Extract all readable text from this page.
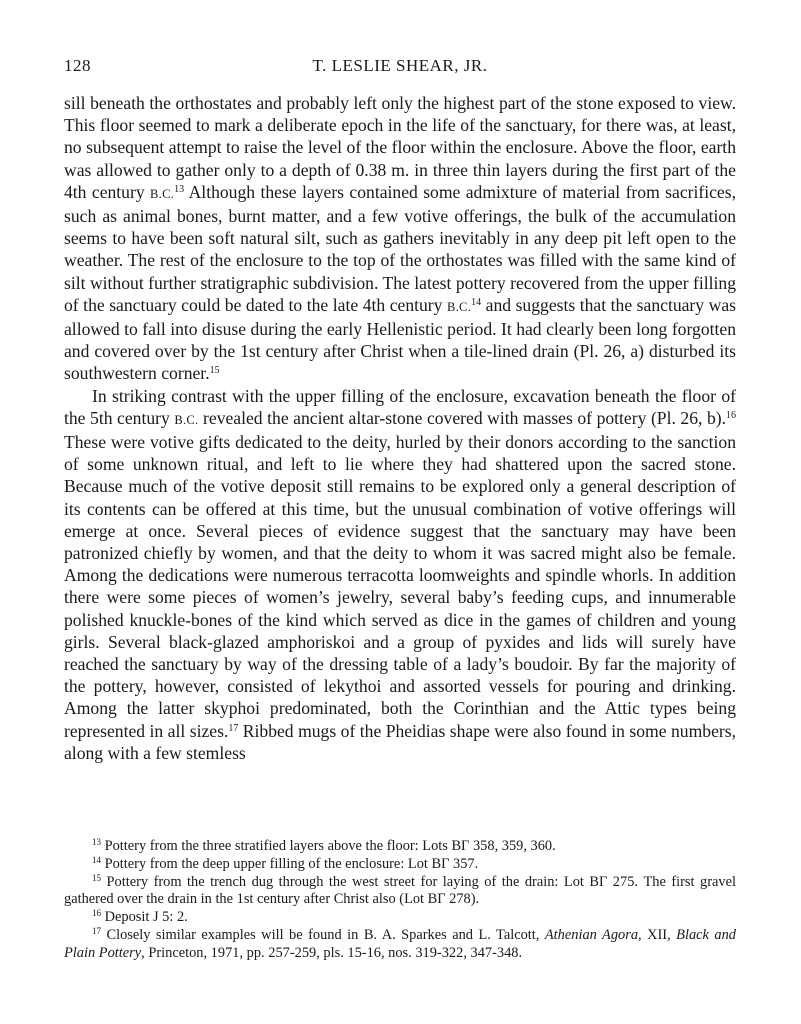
128	T. LESLIE SHEAR, JR.

sill beneath the orthostates and probably left only the highest part of the stone exposed to view. This floor seemed to mark a deliberate epoch in the life of the sanctuary, for there was, at least, no subsequent attempt to raise the level of the floor within the enclosure. Above the floor, earth was allowed to gather only to a depth of 0.38 m. in three thin layers during the first part of the 4th century B.C.$^{13}$ Although these layers contained some admixture of material from sacrifices, such as animal bones, burnt matter, and a few votive offerings, the bulk of the accumulation seems to have been soft natural silt, such as gathers inevitably in any deep pit left open to the weather. The rest of the enclosure to the top of the orthostates was filled with the same kind of silt without further stratigraphic subdivision. The latest pottery recovered from the upper filling of the sanctuary could be dated to the late 4th century B.C.$^{14}$ and suggests that the sanctuary was allowed to fall into disuse during the early Hellenistic period. It had clearly been long forgotten and covered over by the 1st century after Christ when a tile-lined drain (Pl. 26, a) disturbed its southwestern corner.$^{15}$

In striking contrast with the upper filling of the enclosure, excavation beneath the floor of the 5th century B.C. revealed the ancient altar-stone covered with masses of pottery (Pl. 26, b).$^{16}$ These were votive gifts dedicated to the deity, hurled by their donors according to the sanction of some unknown ritual, and left to lie where they had shattered upon the sacred stone. Because much of the votive deposit still remains to be explored only a general description of its contents can be offered at this time, but the unusual combination of votive offerings will emerge at once. Several pieces of evidence suggest that the sanctuary may have been patronized chiefly by women, and that the deity to whom it was sacred might also be female. Among the dedications were numerous terracotta loomweights and spindle whorls. In addition there were some pieces of women’s jewelry, several baby’s feeding cups, and innumerable polished knuckle-bones of the kind which served as dice in the games of children and young girls. Several black-glazed amphoriskoi and a group of pyxides and lids will surely have reached the sanctuary by way of the dressing table of a lady’s boudoir. By far the majority of the pottery, however, consisted of lekythoi and assorted vessels for pouring and drinking. Among the latter skyphoi predominated, both the Corinthian and the Attic types being represented in all sizes.$^{17}$ Ribbed mugs of the Pheidias shape were also found in some numbers, along with a few stemless

$^{13}$ Pottery from the three stratified layers above the floor: Lots ΒΓ 358, 359, 360.

$^{14}$ Pottery from the deep upper filling of the enclosure: Lot ΒΓ 357.

$^{15}$ Pottery from the trench dug through the west street for laying of the drain: Lot ΒΓ 275. The first gravel gathered over the drain in the 1st century after Christ also (Lot ΒΓ 278).

$^{16}$ Deposit J 5: 2.

$^{17}$ Closely similar examples will be found in B. A. Sparkes and L. Talcott, Athenian Agora, XII, Black and Plain Pottery, Princeton, 1971, pp. 257-259, pls. 15-16, nos. 319-322, 347-348.
